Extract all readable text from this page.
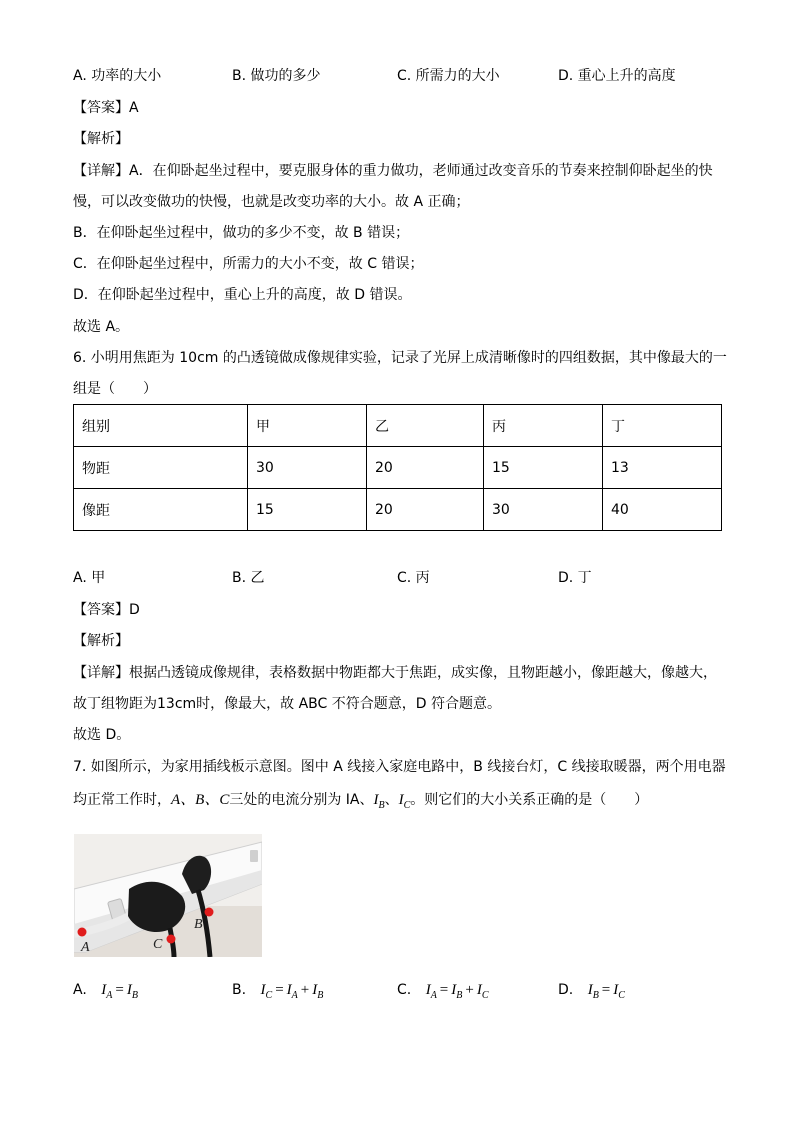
A. 功率的大小	B. 做功的多少	C. 所需力的大小	D. 重心上升的高度
【答案】A
【解析】
【详解】A．在仰卧起坐过程中，要克服身体的重力做功，老师通过改变音乐的节奏来控制仰卧起坐的快
慢，可以改变做功的快慢，也就是改变功率的大小。故 A 正确；
B．在仰卧起坐过程中，做功的多少不变，故 B 错误；
C．在仰卧起坐过程中，所需力的大小不变，故 C 错误；
D．在仰卧起坐过程中，重心上升的高度，故 D 错误。
故选 A。
6. 小明用焦距为 10cm 的凸透镜做成像规律实验，记录了光屏上成清晰像时的四组数据，其中像最大的一
组是（　　）
组别	甲	乙	丙	丁
物距	30	20	15	13
像距	15	20	30	40
A. 甲	B. 乙	C. 丙	D. 丁
【答案】D
【解析】
【详解】根据凸透镜成像规律，表格数据中物距都大于焦距，成实像，且物距越小，像距越大，像越大，
故丁组物距为13cm时，像最大，故 ABC 不符合题意，D 符合题意。
故选 D。
7. 如图所示，为家用插线板示意图。图中 A 线接入家庭电路中，B 线接台灯，C 线接取暖器，两个用电器
均正常工作时，A、B、C三处的电流分别为 IA、$I_B$、$I_C$。则它们的大小关系正确的是（　　）
A
B
C
A. $I_A = I_B$	B. $I_C = I_A + I_B$	C. $I_A = I_B + I_C$	D. $I_B = I_C$
